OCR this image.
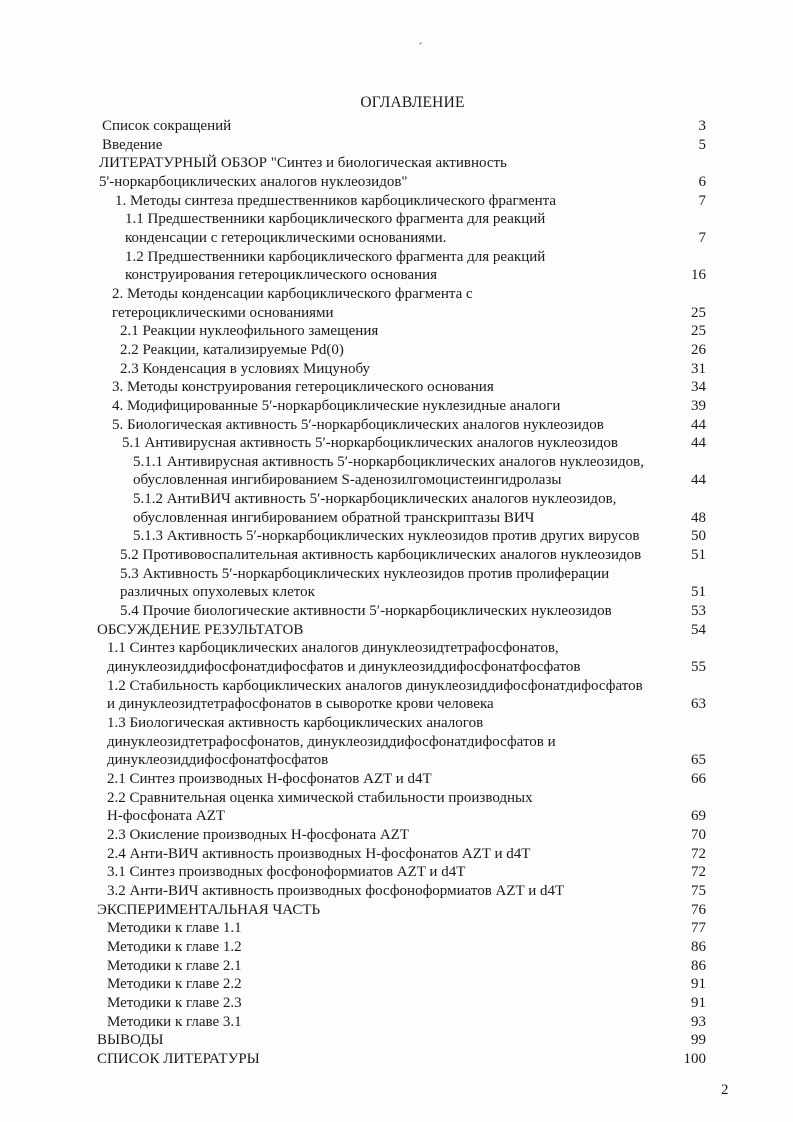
ОГЛАВЛЕНИЕ
Список сокращений	3
Введение	5
ЛИТЕРАТУРНЫЙ ОБЗОР "Синтез и биологическая активность
5'-норкарбоциклических аналогов нуклеозидов"	6
1. Методы синтеза предшественников карбоциклического фрагмента	7
1.1 Предшественники карбоциклического фрагмента для реакций
конденсации с гетероциклическими основаниями.	7
1.2 Предшественники карбоциклического фрагмента для реакций
конструирования гетероциклического основания	16
2. Методы конденсации карбоциклического фрагмента с
гетероциклическими основаниями	25
2.1 Реакции нуклеофильного замещения	25
2.2 Реакции, катализируемые Pd(0)	26
2.3 Конденсация в условиях Мицунобу	31
3. Методы конструирования гетероциклического основания	34
4. Модифицированные 5′-норкарбоциклические нуклезидные аналоги	39
5. Биологическая активность 5′-норкарбоциклических аналогов нуклеозидов	44
5.1 Антивирусная активность 5′-норкарбоциклических аналогов нуклеозидов	44
5.1.1 Антивирусная активность 5′-норкарбоциклических аналогов нуклеозидов,
обусловленная ингибированием S-аденозилгомоцистеингидролазы	44
5.1.2 АнтиВИЧ активность 5′-норкарбоциклических аналогов нуклеозидов,
обусловленная ингибированием обратной транскриптазы ВИЧ	48
5.1.3 Активность 5′-норкарбоциклических нуклеозидов против других вирусов	50
5.2 Противовоспалительная активность карбоциклических аналогов нуклеозидов	51
5.3 Активность 5′-норкарбоциклических нуклеозидов против пролиферации
различных опухолевых клеток	51
5.4 Прочие биологические активности 5′-норкарбоциклических нуклеозидов	53
ОБСУЖДЕНИЕ РЕЗУЛЬТАТОВ	54
1.1 Синтез карбоциклических аналогов динуклеозидтетрафосфонатов,
динуклеозиддифосфонатдифосфатов и динуклеозиддифосфонатфосфатов	55
1.2 Стабильность карбоциклических аналогов динуклеозиддифосфонатдифосфатов
и динуклеозидтетрафосфонатов в сыворотке крови человека	63
1.3 Биологическая активность карбоциклических аналогов
динуклеозидтетрафосфонатов, динуклеозиддифосфонатдифосфатов и
динуклеозиддифосфонатфосфатов	65
2.1 Синтез производных H-фосфонатов AZT и d4T	66
2.2 Сравнительная оценка химической стабильности производных
H-фосфоната AZT	69
2.3 Окисление производных H-фосфоната AZT	70
2.4 Анти-ВИЧ активность производных H-фосфонатов AZT и d4T	72
3.1 Синтез производных фосфоноформиатов AZT и d4T	72
3.2 Анти-ВИЧ активность производных фосфоноформиатов AZT и d4T	75
ЭКСПЕРИМЕНТАЛЬНАЯ ЧАСТЬ	76
Методики к главе 1.1	77
Методики к главе 1.2	86
Методики к главе 2.1	86
Методики к главе 2.2	91
Методики к главе 2.3	91
Методики к главе 3.1	93
ВЫВОДЫ	99
СПИСОК ЛИТЕРАТУРЫ	100
2
